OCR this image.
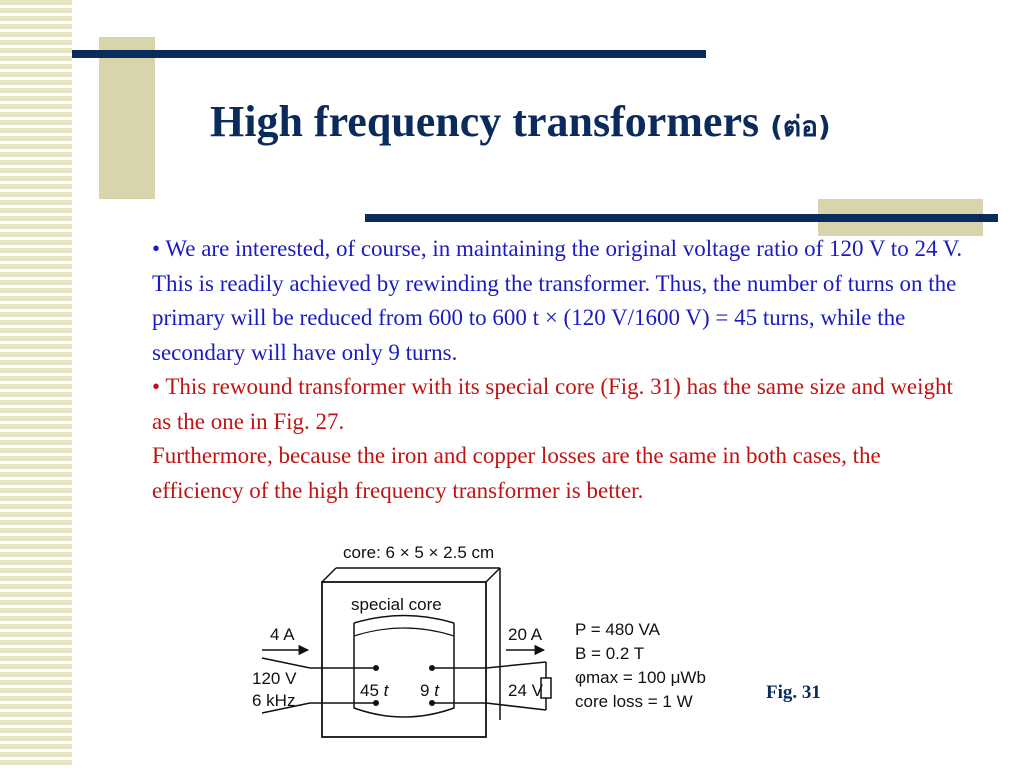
High frequency transformers (ต่อ)
• We are interested, of course, in maintaining the original voltage ratio of 120 V to 24 V. This is readily achieved by rewinding the transformer. Thus, the number of turns on the primary will be reduced from 600 to 600 t × (120 V/1600 V) = 45 turns, while the secondary will have only 9 turns.
• This rewound transformer with its special core (Fig. 31) has the same size and weight as the one in Fig. 27.
Furthermore, because the iron and copper losses are the same in both cases, the efficiency of the high frequency transformer is better.
core: 6 × 5 × 2.5 cm
special core
45 t 9 t
4 A
120 V
6 kHz
20 A
24 V
P = 480 VA
B = 0.2 T
φmax = 100 μWb
core loss = 1 W	Fig. 31
